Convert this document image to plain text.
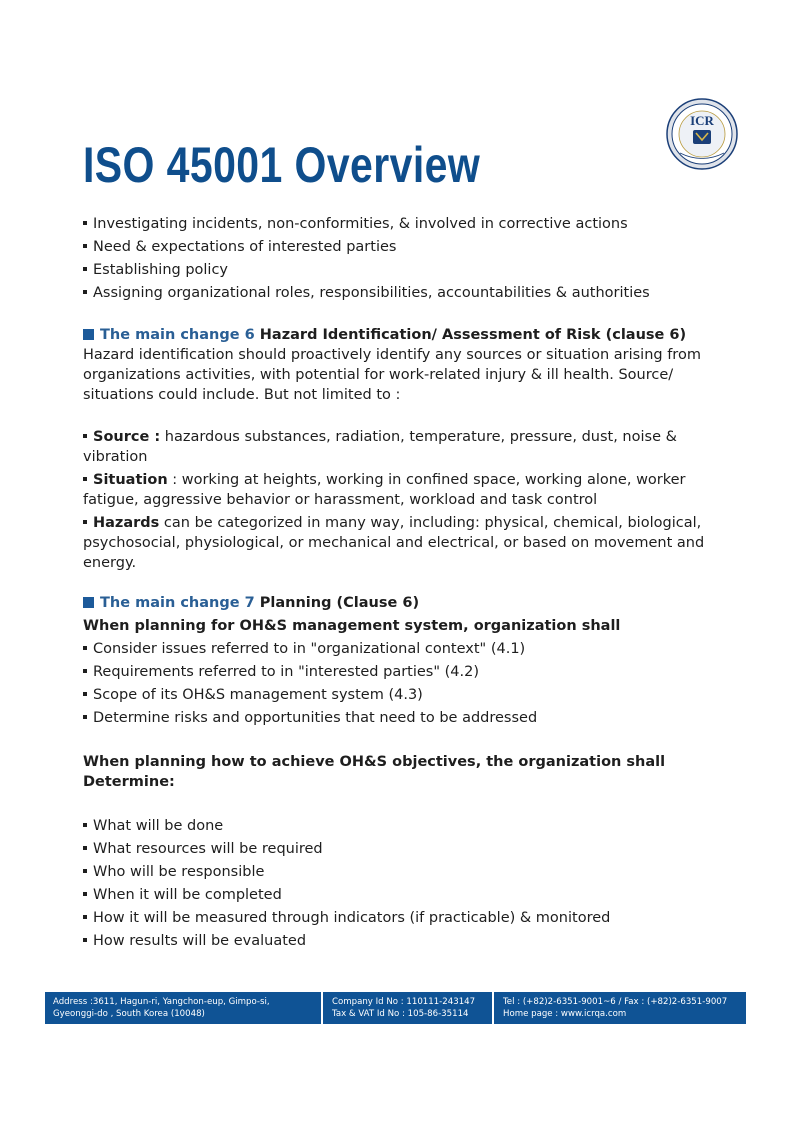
ICR
ISO 45001 Overview
Investigating incidents, non-conformities, & involved in corrective actions
Need & expectations of interested parties
Establishing policy
Assigning organizational roles, responsibilities, accountabilities & authorities

The main change 6 Hazard Identification/ Assessment of Risk (clause 6)

Hazard identification should proactively identify any sources or situation arising from organizations activities, with potential for work-related injury & ill health. Source/ situations could include. But not limited to :

Source : hazardous substances, radiation, temperature, pressure, dust, noise & vibration
Situation : working at heights, working in confined space, working alone, worker fatigue, aggressive behavior or harassment, workload and task control
Hazards can be categorized in many way, including: physical, chemical, biological, psychosocial, physiological, or mechanical and electrical, or based on movement and energy.

The main change 7 Planning (Clause 6)

When planning for OH&S management system, organization shall

Consider issues referred to in "organizational context" (4.1)
Requirements referred to in "interested parties" (4.2)
Scope of its OH&S management system (4.3)
Determine risks and opportunities that need to be addressed

When planning how to achieve OH&S objectives, the organization shall Determine:

What will be done
What resources will be required
Who will be responsible
When it will be completed
How it will be measured through indicators (if practicable) & monitored
How results will be evaluated
Address :3611, Hagun-ri, Yangchon-eup, Gimpo-si,
Gyeonggi-do , South Korea (10048)
Company Id No : 110111-243147
Tax & VAT Id No : 105-86-35114
Tel : (+82)2-6351-9001~6 / Fax : (+82)2-6351-9007
Home page : www.icrqa.com
